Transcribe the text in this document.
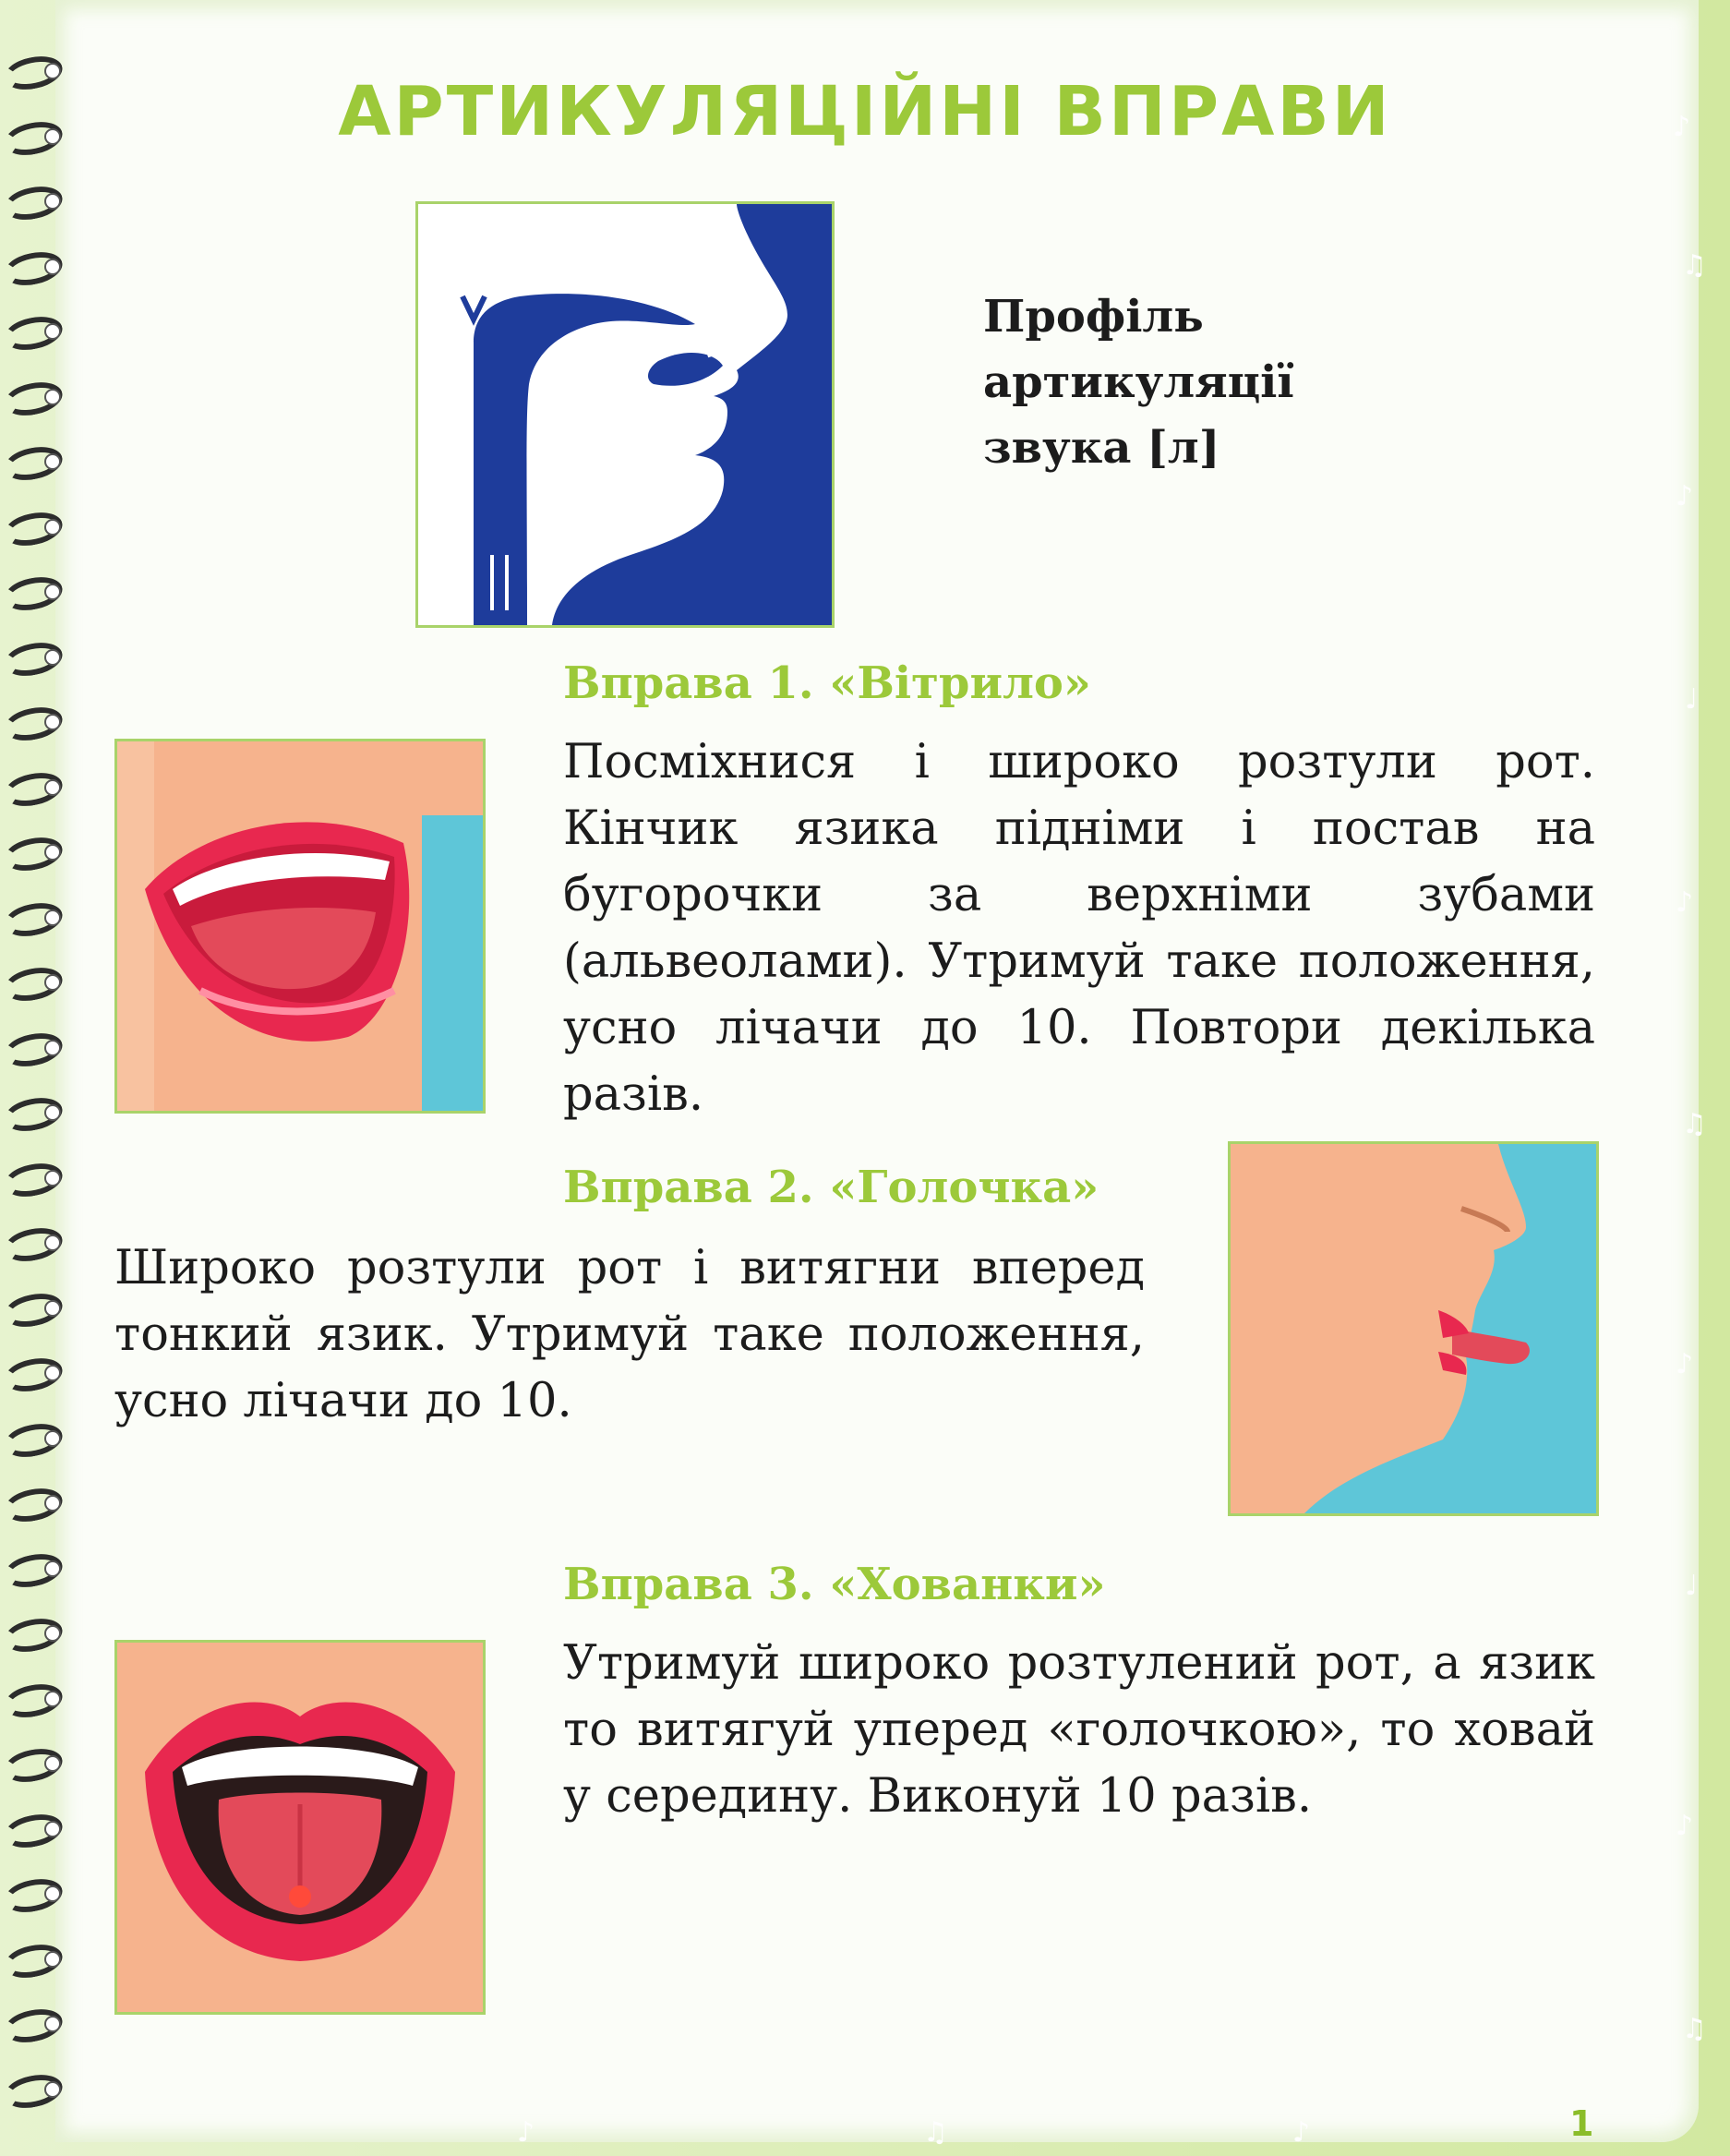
♪
♫
♪
♩
♪
♫
♪
♩
♪
♫
♪	♫	♪
АРТИКУЛЯЦІЙНІ ВПРАВИ
Профіль
артикуляції
звука [л]
Вправа 1. «Вітрило»
Посміхнися і широко розтули рот. Кінчик язика підніми і постав на бугорочки за верхніми зубами (альвеолами). Утримуй таке положення, усно лічачи до 10. Повтори декілька разів.
Вправа 2. «Голочка»
Широко розтули рот і витягни вперед тонкий язик. Утримуй таке положення, усно лічачи до 10.
Вправа 3. «Хованки»
Утримуй широко розтулений рот, а язик то витягуй уперед «голочкою», то ховай у середину. Виконуй 10 разів.
1
